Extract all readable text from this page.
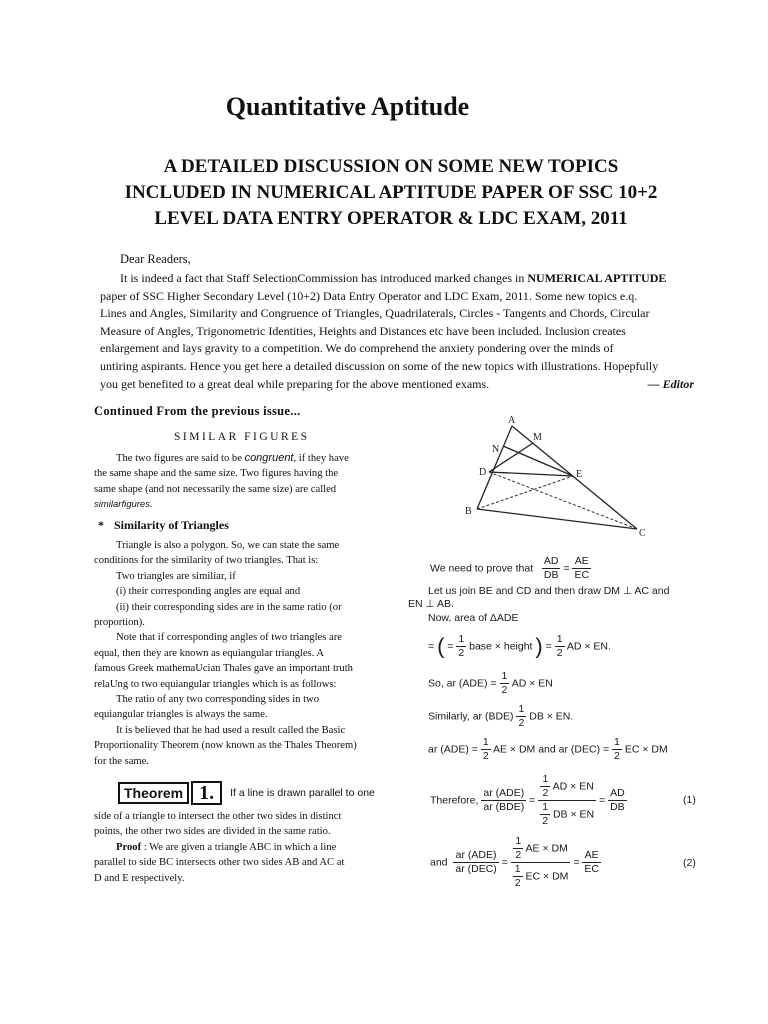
Quantitative Aptitude
A DETAILED DISCUSSION ON SOME NEW TOPICS
INCLUDED IN NUMERICAL APTITUDE PAPER OF SSC 10+2
LEVEL DATA ENTRY OPERATOR & LDC EXAM, 2011
Dear Readers,
It is indeed a fact that Staff SelectionCommission has introduced marked changes in NUMERICAL APTITUDE
paper of SSC Higher Secondary Level (10+2) Data Entry Operator and LDC Exam, 2011. Some new topics e.q.
Lines and Angles, Similarity and Congruence of Triangles, Quadrilaterals, Circles - Tangents and Chords, Circular
Measure of Angles, Trigonometric Identities, Heights and Distances etc have been included. Inclusion creates
enlargement and lays gravity to a competition. We do comprehend the anxiety pondering over the minds of
untiring aspirants. Hence you get here a detailed discussion on some of the new topics with illustrations. Hopepfully
you get benefited to a great deal while preparing for the above mentioned exams.	— Editor
Continued From the previous issue...
SIMILAR FIGURES
The two figures are said to be congruent, if they have
the same shape and the same size. Two figures having the
same shape (and not necessarily the same size) are called
similarfigures.
* Similarity of Triangles
Triangle is also a polygon. So, we can state the same
conditions for the similarity of two triangles. That is:
Two triangles are similiar, if
(i) their corresponding angles are equal and
(ii) their corresponding sides are in the same ratio (or
proportion).
Note that if corresponding angles of two triangles are
equal, then they are known as equiangular triangles. A
famous Greek mathemaUcian Thales gave an important truth
relaUng to two equiangular triangles which is as follows:
The ratio of any two corresponding sides in two
equiangular triangles is always the same.
It is believed that he had used a result called the Basic
Proportionality Theorem (now known as the Thales Theorem)
for the same.
Theorem 1. If a line is drawn parallel to one
side of a triangle to intersect the other two sides in distinct
points, the other two sides are divided in the same ratio.
Proof : We are given a triangle ABC in which a line
parallel to side BC intersects other two sides AB and AC at
D and E respectively.
A
B
C
D	E
M
N
We need to prove that $\frac{AD}{DB} = \frac{AE}{EC}$
Let us join BE and CD and then draw DM ⊥ AC and
EN ⊥ AB.
Now, area of ΔADE
= ( = $\frac{1}{2}$ base × height ) = $\frac{1}{2}$ AD × EN.
So, ar $(ADE) = \frac{1}{2}$ AD × EN
Similarly, ar $(BDE) \frac{1}{2}$ DB × EN.
ar $(ADE) = \frac{1}{2}$ AE × DM and ar $(DEC) = \frac{1}{2}$ EC × DM
Therefore, $\frac{\text{ar (ADE)}}{\text{ar (BDE)}} = \frac{\frac{1}{2} AD \times EN}{\frac{1}{2} DB \times EN} = \frac{AD}{DB}$	(1)
and $\frac{\text{ar (ADE)}}{\text{ar (DEC)}} = \frac{\frac{1}{2} AE \times DM}{\frac{1}{2} EC \times DM} = \frac{AE}{EC}$	(2)
